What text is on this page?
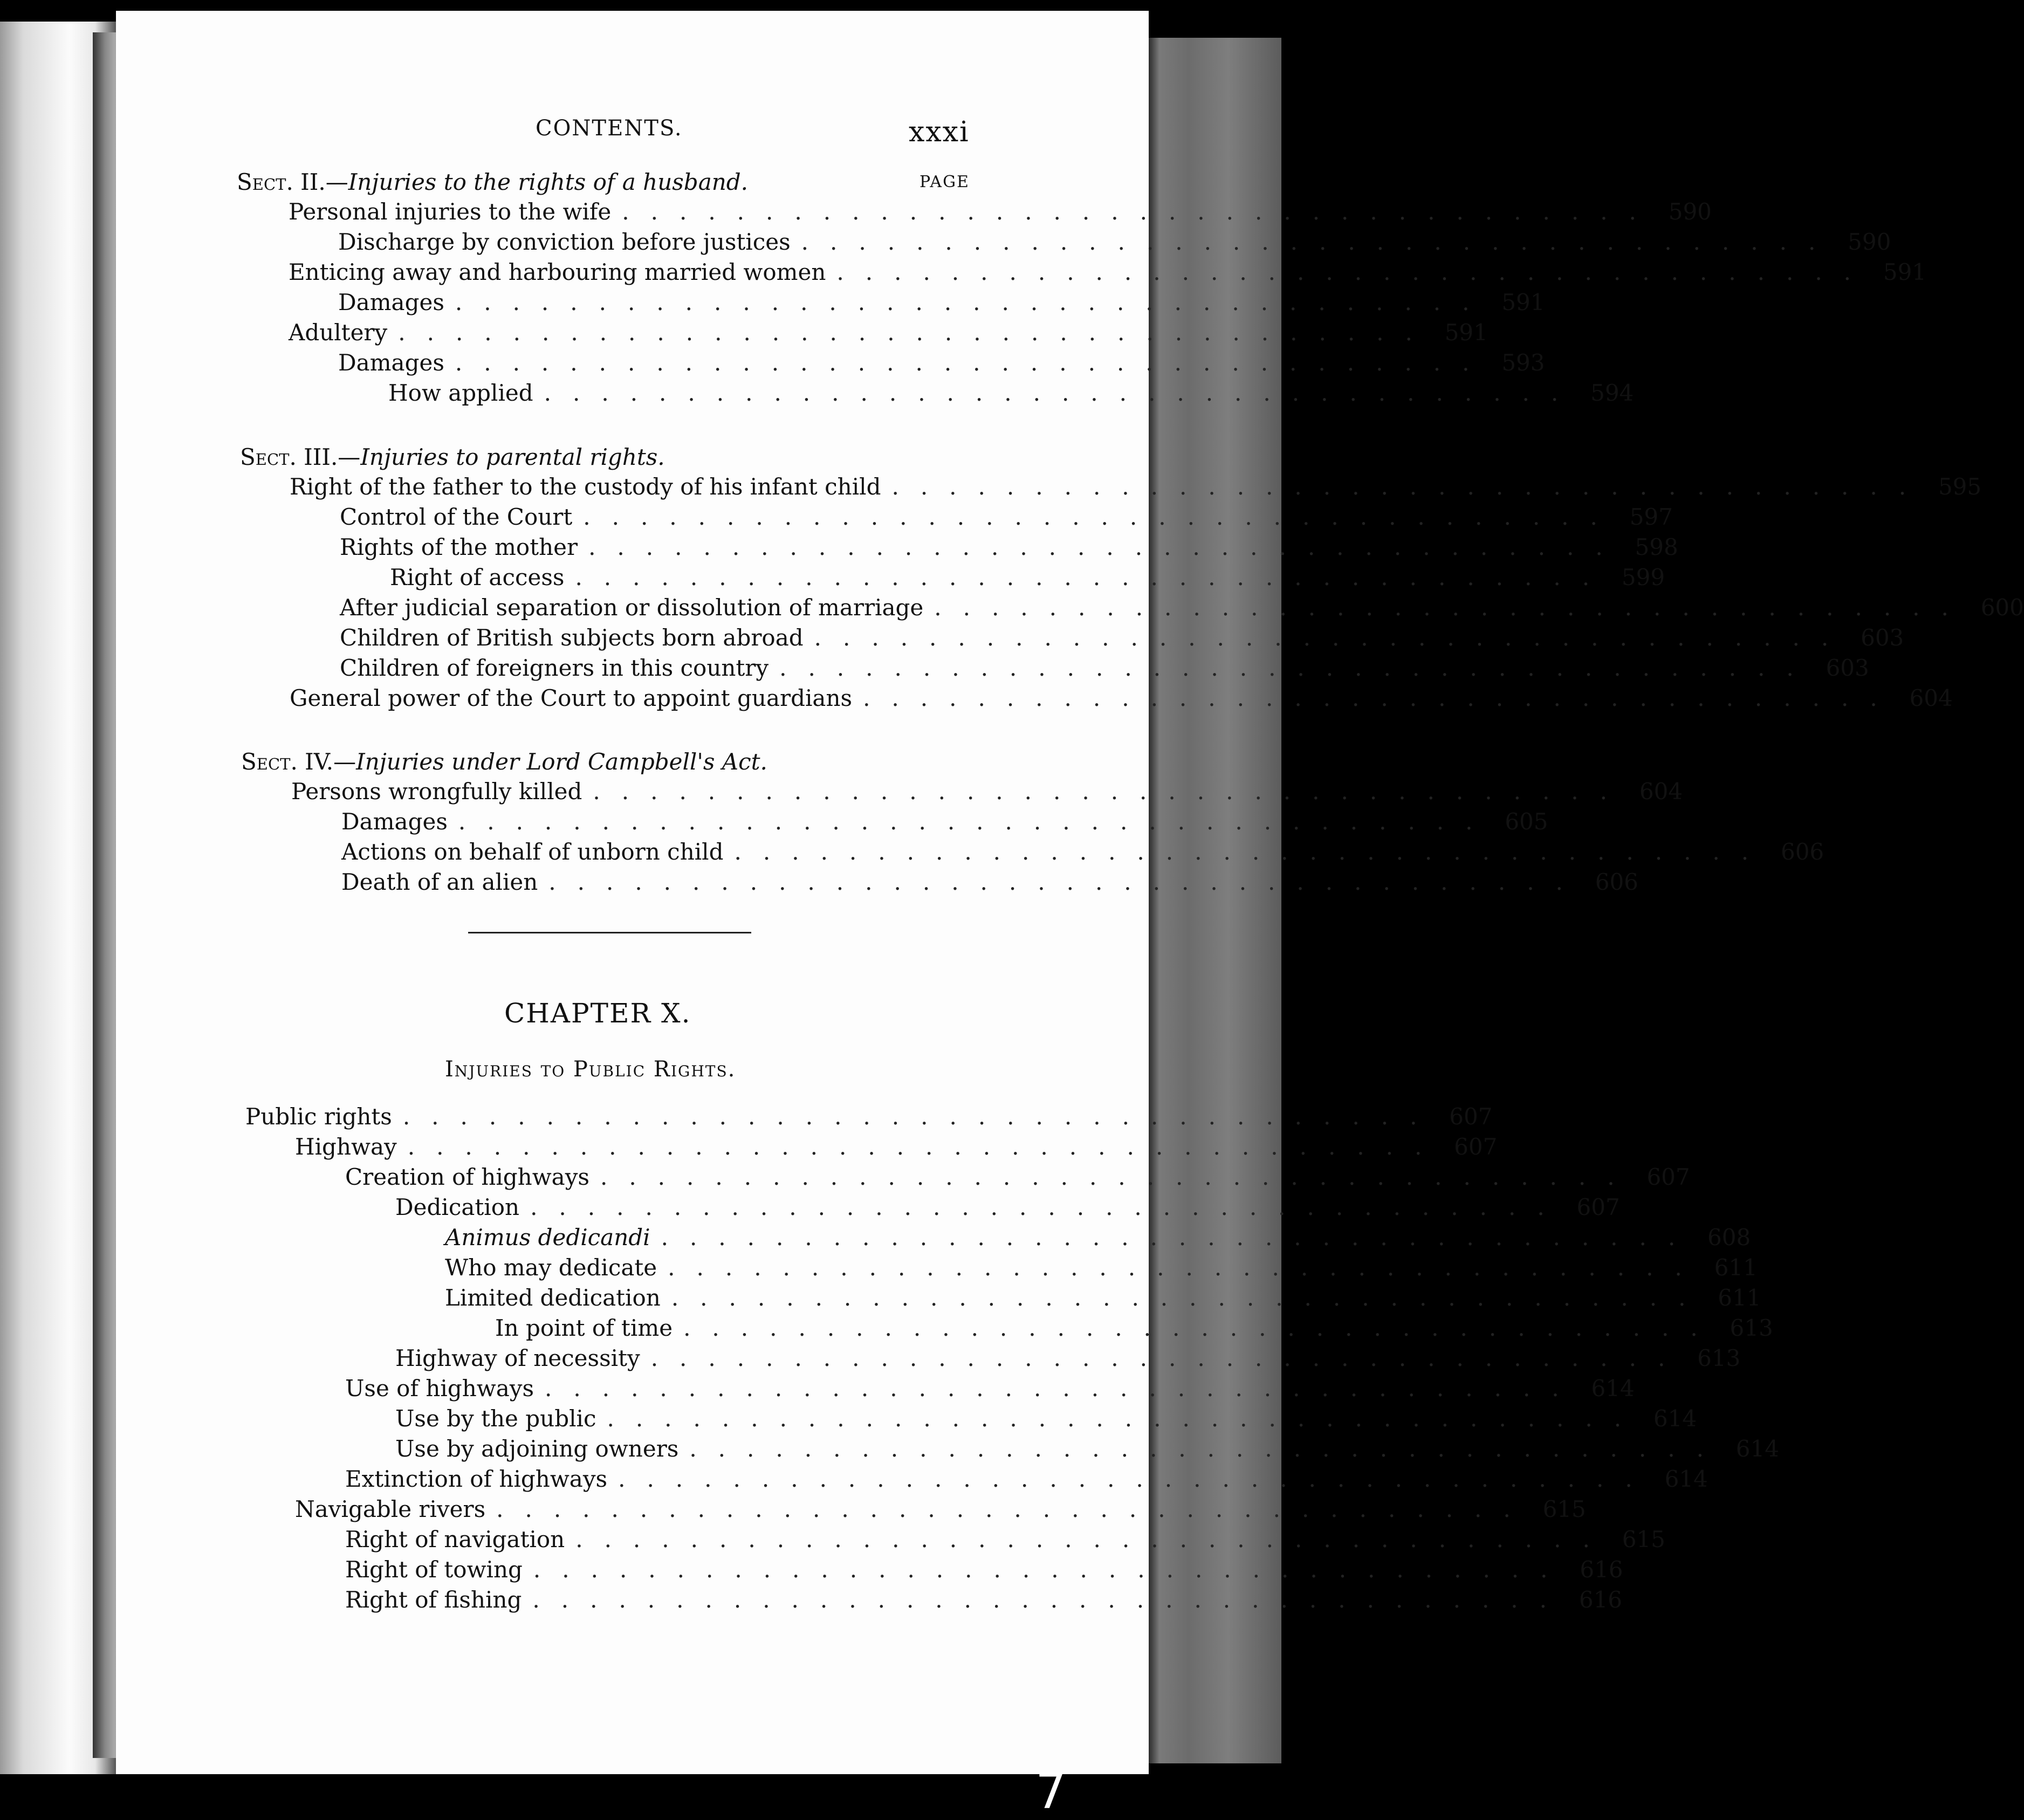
CONTENTS.	xxxi
PAGE
Sect. II.—Injuries to the rights of a husband.
Personal injuries to the wife .................................... 590
Discharge by conviction before justices .................................... 590
Enticing away and harbouring married women .................................... 591
Damages .................................... 591
Adultery .................................... 591
Damages .................................... 593
How applied .................................... 594
Sect. III.—Injuries to parental rights.
Right of the father to the custody of his infant child .................................... 595
Control of the Court .................................... 597
Rights of the mother .................................... 598
Right of access .................................... 599
After judicial separation or dissolution of marriage .................................... 600
Children of British subjects born abroad .................................... 603
Children of foreigners in this country .................................... 603
General power of the Court to appoint guardians .................................... 604
Sect. IV.—Injuries under Lord Campbell's Act.
Persons wrongfully killed .................................... 604
Damages .................................... 605
Actions on behalf of unborn child .................................... 606
Death of an alien .................................... 606
CHAPTER X.
Injuries to Public Rights.
Public rights .................................... 607
Highway .................................... 607
Creation of highways .................................... 607
Dedication .................................... 607
Animus dedicandi .................................... 608
Who may dedicate .................................... 611
Limited dedication .................................... 611
In point of time .................................... 613
Highway of necessity .................................... 613
Use of highways .................................... 614
Use by the public .................................... 614
Use by adjoining owners .................................... 614
Extinction of highways .................................... 614
Navigable rivers .................................... 615
Right of navigation .................................... 615
Right of towing .................................... 616
Right of fishing .................................... 616
7
